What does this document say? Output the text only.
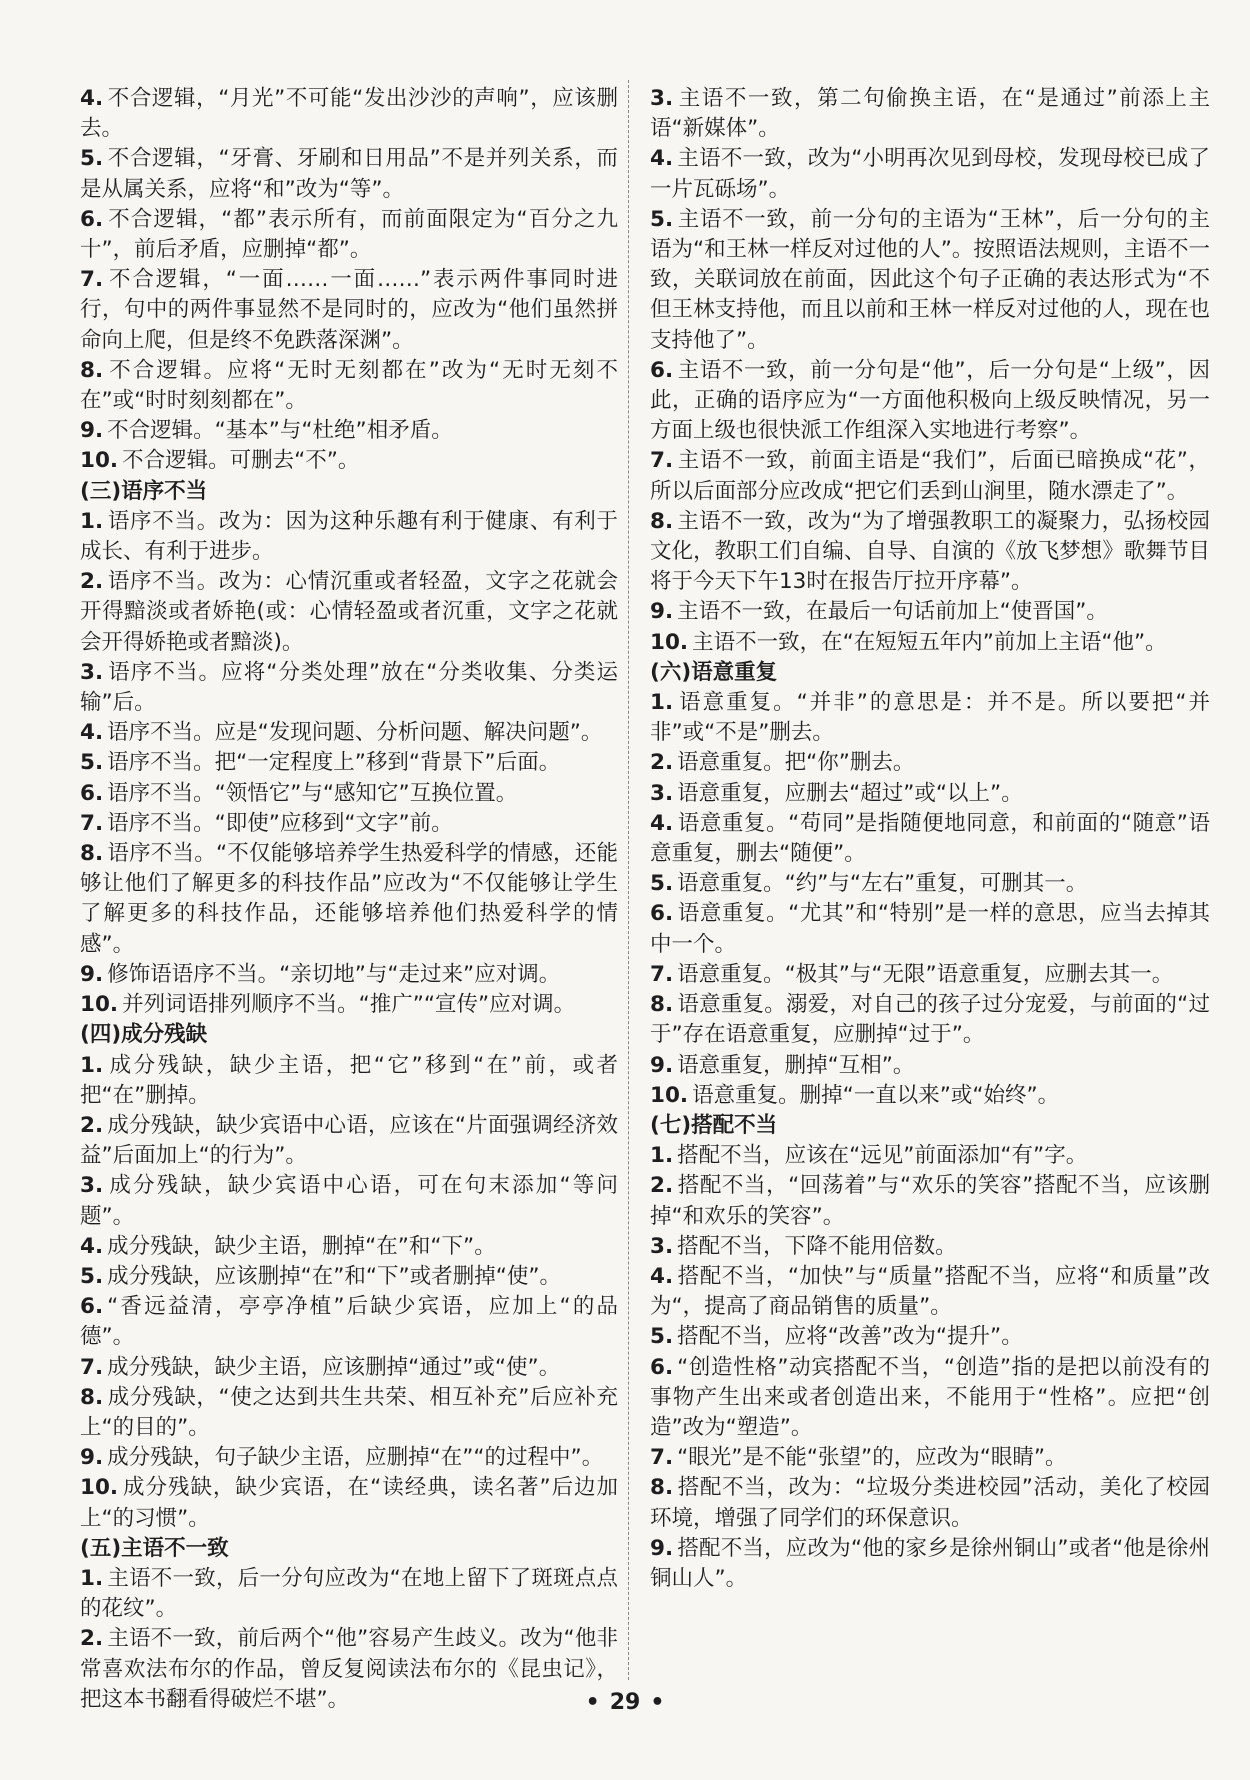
4. 不合逻辑，“月光”不可能“发出沙沙的声响”，应该删去。
5. 不合逻辑，“牙膏、牙刷和日用品”不是并列关系，而是从属关系，应将“和”改为“等”。
6. 不合逻辑，“都”表示所有，而前面限定为“百分之九十”，前后矛盾，应删掉“都”。
7. 不合逻辑，“一面……一面……”表示两件事同时进行，句中的两件事显然不是同时的，应改为“他们虽然拼命向上爬，但是终不免跌落深渊”。
8. 不合逻辑。应将“无时无刻都在”改为“无时无刻不在”或“时时刻刻都在”。
9. 不合逻辑。“基本”与“杜绝”相矛盾。
10. 不合逻辑。可删去“不”。
(三)语序不当
1. 语序不当。改为：因为这种乐趣有利于健康、有利于成长、有利于进步。
2. 语序不当。改为：心情沉重或者轻盈，文字之花就会开得黯淡或者娇艳(或：心情轻盈或者沉重，文字之花就会开得娇艳或者黯淡)。
3. 语序不当。应将“分类处理”放在“分类收集、分类运输”后。
4. 语序不当。应是“发现问题、分析问题、解决问题”。
5. 语序不当。把“一定程度上”移到“背景下”后面。
6. 语序不当。“领悟它”与“感知它”互换位置。
7. 语序不当。“即使”应移到“文字”前。
8. 语序不当。“不仅能够培养学生热爱科学的情感，还能够让他们了解更多的科技作品”应改为“不仅能够让学生了解更多的科技作品，还能够培养他们热爱科学的情感”。
9. 修饰语语序不当。“亲切地”与“走过来”应对调。
10. 并列词语排列顺序不当。“推广”“宣传”应对调。
(四)成分残缺
1. 成分残缺，缺少主语，把“它”移到“在”前，或者把“在”删掉。
2. 成分残缺，缺少宾语中心语，应该在“片面强调经济效益”后面加上“的行为”。
3. 成分残缺，缺少宾语中心语，可在句末添加“等问题”。
4. 成分残缺，缺少主语，删掉“在”和“下”。
5. 成分残缺，应该删掉“在”和“下”或者删掉“使”。
6. “香远益清，亭亭净植”后缺少宾语，应加上“的品德”。
7. 成分残缺，缺少主语，应该删掉“通过”或“使”。
8. 成分残缺，“使之达到共生共荣、相互补充”后应补充上“的目的”。
9. 成分残缺，句子缺少主语，应删掉“在”“的过程中”。
10. 成分残缺，缺少宾语，在“读经典，读名著”后边加上“的习惯”。
(五)主语不一致
1. 主语不一致，后一分句应改为“在地上留下了斑斑点点的花纹”。
2. 主语不一致，前后两个“他”容易产生歧义。改为“他非常喜欢法布尔的作品，曾反复阅读法布尔的《昆虫记》，把这本书翻看得破烂不堪”。
3. 主语不一致，第二句偷换主语，在“是通过”前添上主语“新媒体”。
4. 主语不一致，改为“小明再次见到母校，发现母校已成了一片瓦砾场”。
5. 主语不一致，前一分句的主语为“王林”，后一分句的主语为“和王林一样反对过他的人”。按照语法规则，主语不一致，关联词放在前面，因此这个句子正确的表达形式为“不但王林支持他，而且以前和王林一样反对过他的人，现在也支持他了”。
6. 主语不一致，前一分句是“他”，后一分句是“上级”，因此，正确的语序应为“一方面他积极向上级反映情况，另一方面上级也很快派工作组深入实地进行考察”。
7. 主语不一致，前面主语是“我们”，后面已暗换成“花”，所以后面部分应改成“把它们丢到山涧里，随水漂走了”。
8. 主语不一致，改为“为了增强教职工的凝聚力，弘扬校园文化，教职工们自编、自导、自演的《放飞梦想》歌舞节目将于今天下午13时在报告厅拉开序幕”。
9. 主语不一致，在最后一句话前加上“使晋国”。
10. 主语不一致，在“在短短五年内”前加上主语“他”。
(六)语意重复
1. 语意重复。“并非”的意思是：并不是。所以要把“并非”或“不是”删去。
2. 语意重复。把“你”删去。
3. 语意重复，应删去“超过”或“以上”。
4. 语意重复。“苟同”是指随便地同意，和前面的“随意”语意重复，删去“随便”。
5. 语意重复。“约”与“左右”重复，可删其一。
6. 语意重复。“尤其”和“特别”是一样的意思，应当去掉其中一个。
7. 语意重复。“极其”与“无限”语意重复，应删去其一。
8. 语意重复。溺爱，对自己的孩子过分宠爱，与前面的“过于”存在语意重复，应删掉“过于”。
9. 语意重复，删掉“互相”。
10. 语意重复。删掉“一直以来”或“始终”。
(七)搭配不当
1. 搭配不当，应该在“远见”前面添加“有”字。
2. 搭配不当，“回荡着”与“欢乐的笑容”搭配不当，应该删掉“和欢乐的笑容”。
3. 搭配不当，下降不能用倍数。
4. 搭配不当，“加快”与“质量”搭配不当，应将“和质量”改为“，提高了商品销售的质量”。
5. 搭配不当，应将“改善”改为“提升”。
6. “创造性格”动宾搭配不当，“创造”指的是把以前没有的事物产生出来或者创造出来，不能用于“性格”。应把“创造”改为“塑造”。
7. “眼光”是不能“张望”的，应改为“眼睛”。
8. 搭配不当，改为：“垃圾分类进校园”活动，美化了校园环境，增强了同学们的环保意识。
9. 搭配不当，应改为“他的家乡是徐州铜山”或者“他是徐州铜山人”。
• 29 •
